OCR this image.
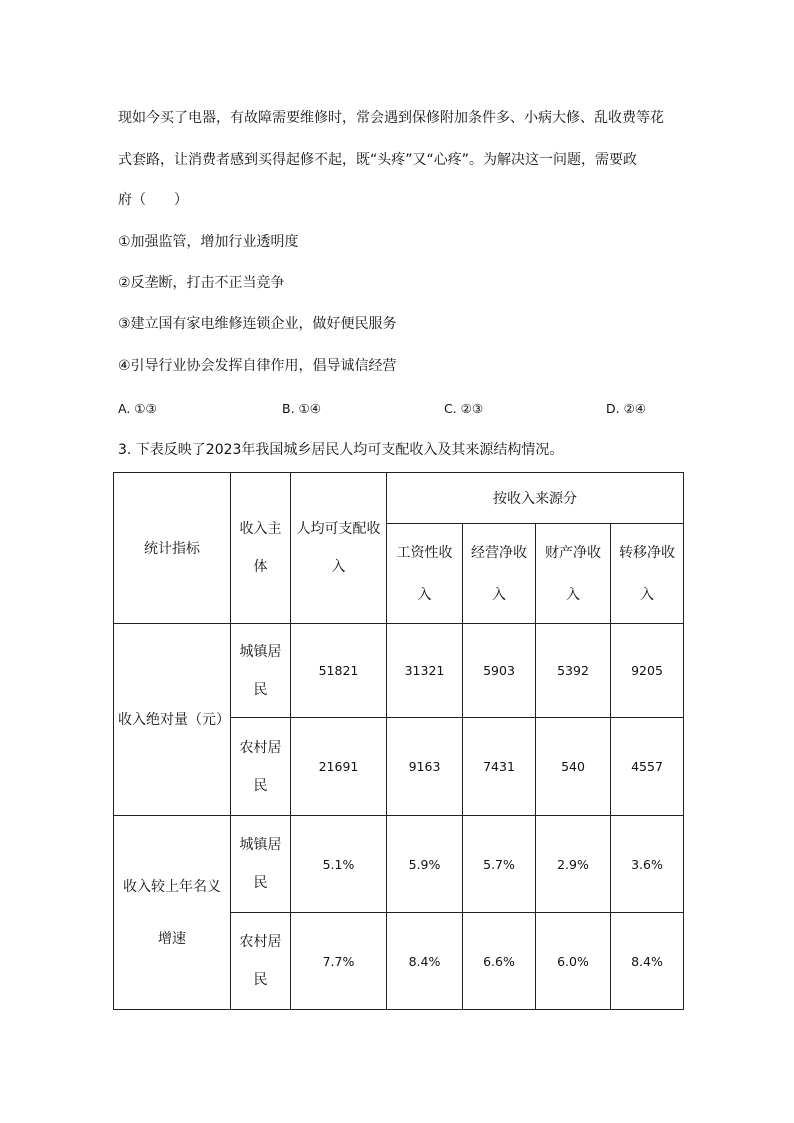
现如今买了电器，有故障需要维修时，常会遇到保修附加条件多、小病大修、乱收费等花
式套路，让消费者感到买得起修不起，既“头疼”又“心疼”。为解决这一问题，需要政
府（　　）
①加强监管，增加行业透明度
②反垄断，打击不正当竞争
③建立国有家电维修连锁企业，做好便民服务
④引导行业协会发挥自律作用，倡导诚信经营
A. ①③	B. ①④	C. ②③	D. ②④
3. 下表反映了2023年我国城乡居民人均可支配收入及其来源结构情况。
统计指标	收入主体	人均可支配收入	按收入来源分			
			工资性收入	经营净收入	财产净收入	转移净收入
收入绝对量（元）	城镇居民	51821	31321	5903	5392	9205
	农村居民	21691	9163	7431	540	4557
收入较上年名义增速	城镇居民	5.1%	5.9%	5.7%	2.9%	3.6%
	农村居民	7.7%	8.4%	6.6%	6.0%	8.4%
